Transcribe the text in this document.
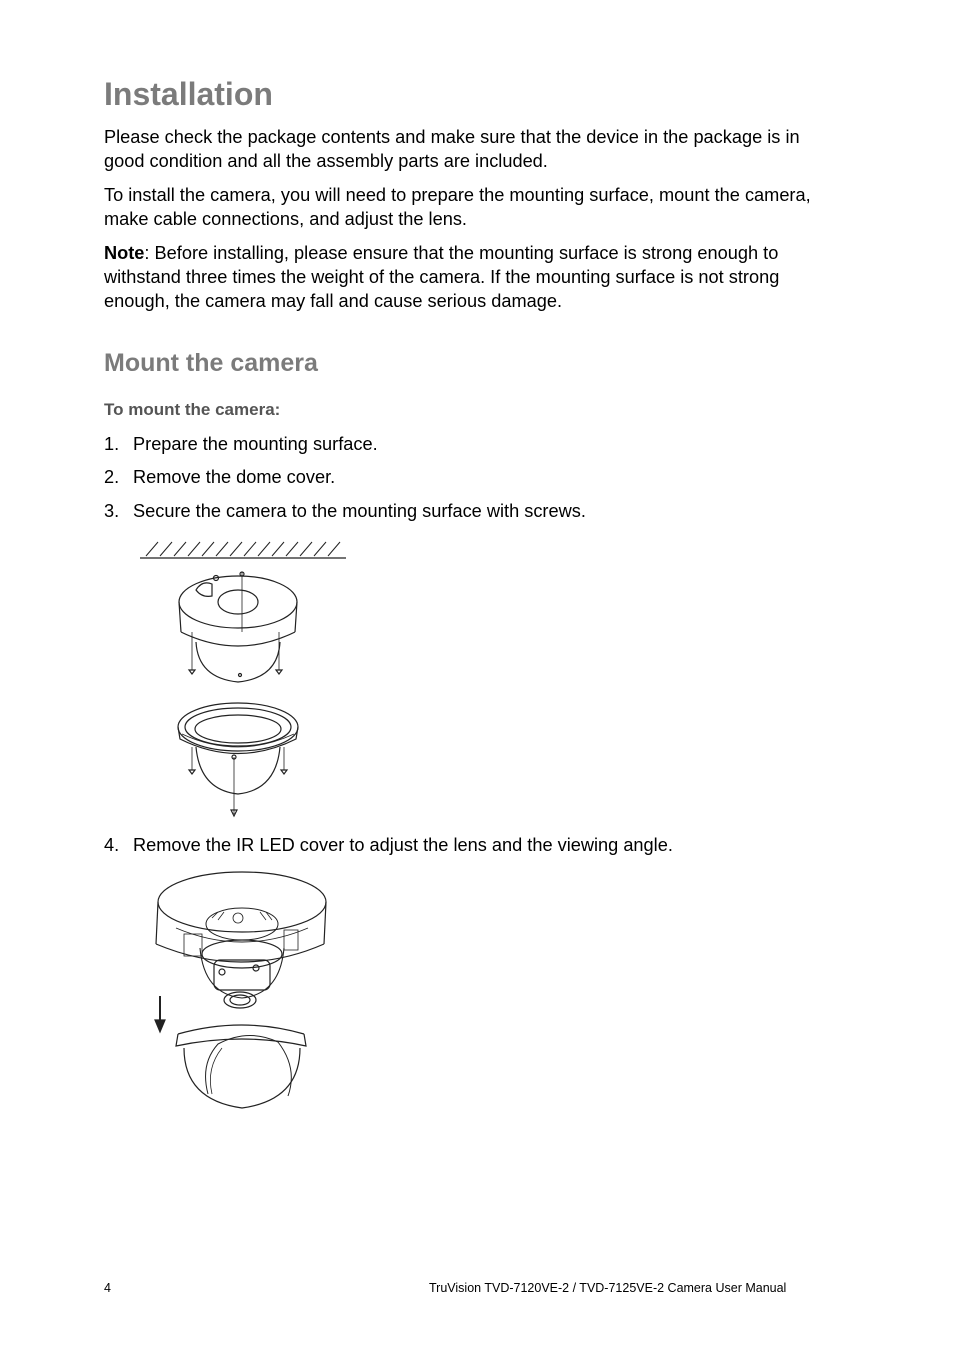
Installation

Please check the package contents and make sure that the device in the package is in good condition and all the assembly parts are included.

To install the camera, you will need to prepare the mounting surface, mount the camera, make cable connections, and adjust the lens.

Note: Before installing, please ensure that the mounting surface is strong enough to withstand three times the weight of the camera. If the mounting surface is not strong enough, the camera may fall and cause serious damage.

Mount the camera

To mount the camera:

1. Prepare the mounting surface.

2. Remove the dome cover.

3. Secure the camera to the mounting surface with screws.

4. Remove the IR LED cover to adjust the lens and the viewing angle.

4	TruVision TVD-7120VE-2 / TVD-7125VE-2 Camera User Manual
